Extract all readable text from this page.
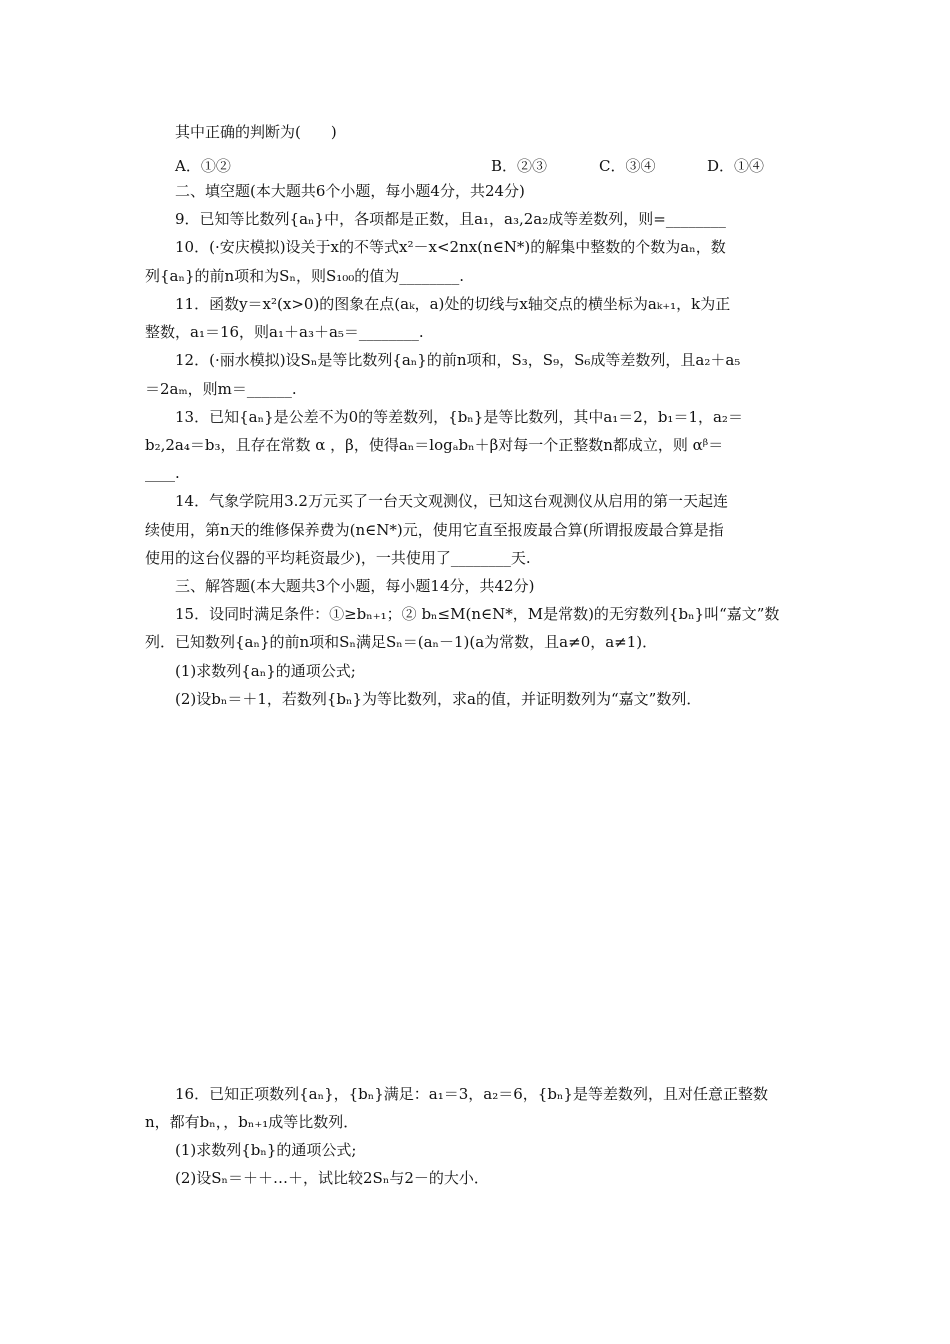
其中正确的判断为(　　)
A．①②	B．②③	C．③④	D．①④
二、填空题(本大题共6个小题，每小题4分，共24分)
9．已知等比数列{aₙ}中，各项都是正数，且a₁，a₃,2a₂成等差数列，则=________
10．(·安庆模拟)设关于x的不等式x²－x<2nx(n∈N*)的解集中整数的个数为aₙ，数
列{aₙ}的前n项和为Sₙ，则S₁₀₀的值为________.
11．函数y＝x²(x>0)的图象在点(aₖ，a)处的切线与x轴交点的横坐标为aₖ₊₁，k为正
整数，a₁＝16，则a₁＋a₃＋a₅＝________.
12．(·丽水模拟)设Sₙ是等比数列{aₙ}的前n项和，S₃，S₉，S₆成等差数列，且a₂＋a₅
＝2aₘ，则m＝______.
13．已知{aₙ}是公差不为0的等差数列，{bₙ}是等比数列，其中a₁＝2，b₁＝1，a₂＝
b₂,2a₄＝b₃，且存在常数 α ，β，使得aₙ＝logₐbₙ＋β对每一个正整数n都成立，则 αᵝ＝
____.
14．气象学院用3.2万元买了一台天文观测仪，已知这台观测仪从启用的第一天起连
续使用，第n天的维修保养费为(n∈N*)元，使用它直至报废最合算(所谓报废最合算是指
使用的这台仪器的平均耗资最少)，一共使用了________天.
三、解答题(本大题共3个小题，每小题14分，共42分)
15．设同时满足条件：①≥bₙ₊₁；② bₙ≤M(n∈N*，M是常数)的无穷数列{bₙ}叫“嘉文”数
列．已知数列{aₙ}的前n项和Sₙ满足Sₙ＝(aₙ－1)(a为常数，且a≠0，a≠1)．
(1)求数列{aₙ}的通项公式;
(2)设bₙ＝＋1，若数列{bₙ}为等比数列，求a的值，并证明数列为“嘉文”数列．
16．已知正项数列{aₙ}，{bₙ}满足：a₁＝3，a₂＝6，{bₙ}是等差数列，且对任意正整数
n，都有bₙ，，bₙ₊₁成等比数列．
(1)求数列{bₙ}的通项公式;
(2)设Sₙ＝＋＋…＋，试比较2Sₙ与2－的大小．
